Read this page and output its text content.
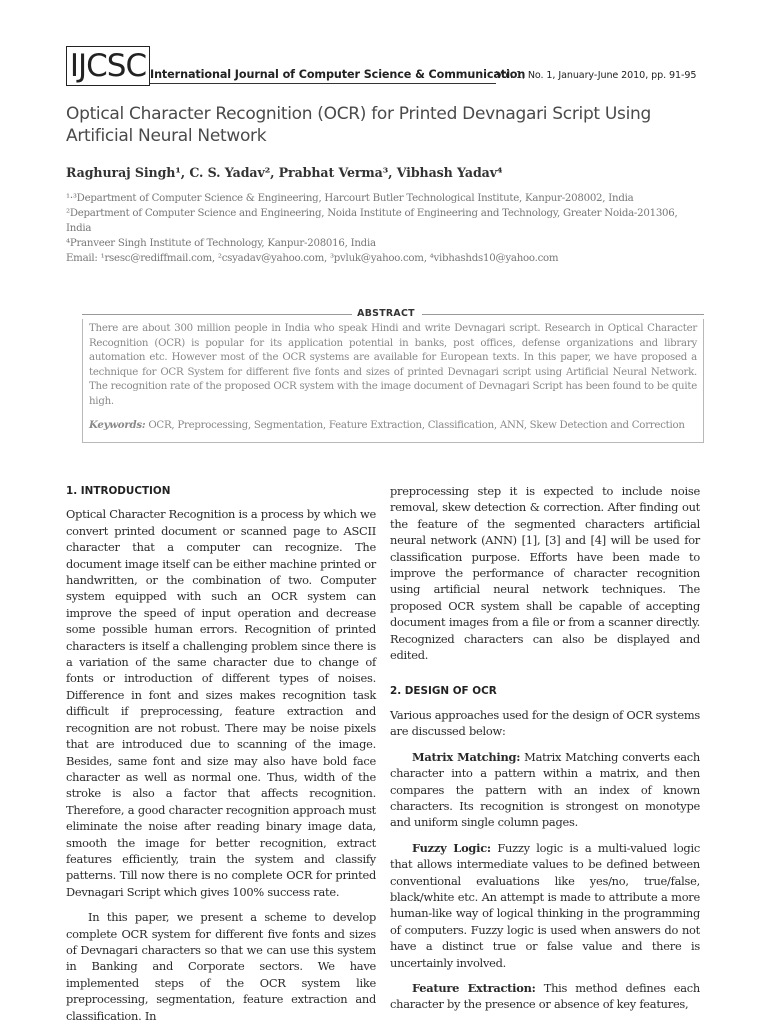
IJCSC International Journal of Computer Science & Communication
Vol. 1, No. 1, January-June 2010, pp. 91-95
Optical Character Recognition (OCR) for Printed Devnagari Script Using Artificial Neural Network
Raghuraj Singh¹, C. S. Yadav², Prabhat Verma³, Vibhash Yadav⁴
¹·³Department of Computer Science & Engineering, Harcourt Butler Technological Institute, Kanpur-208002, India
²Department of Computer Science and Engineering, Noida Institute of Engineering and Technology, Greater Noida-201306,
India
⁴Pranveer Singh Institute of Technology, Kanpur-208016, India
Email: ¹rsesc@rediffmail.com, ²csyadav@yahoo.com, ³pvluk@yahoo.com, ⁴vibhashds10@yahoo.com
ABSTRACT

There are about 300 million people in India who speak Hindi and write Devnagari script. Research in Optical Character Recognition (OCR) is popular for its application potential in banks, post offices, defense organizations and library automation etc. However most of the OCR systems are available for European texts. In this paper, we have proposed a technique for OCR System for different five fonts and sizes of printed Devnagari script using Artificial Neural Network. The recognition rate of the proposed OCR system with the image document of Devnagari Script has been found to be quite high.

Keywords: OCR, Preprocessing, Segmentation, Feature Extraction, Classification, ANN, Skew Detection and Correction

1. INTRODUCTION

Optical Character Recognition is a process by which we convert printed document or scanned page to ASCII character that a computer can recognize. The document image itself can be either machine printed or handwritten, or the combination of two. Computer system equipped with such an OCR system can improve the speed of input operation and decrease some possible human errors. Recognition of printed characters is itself a challenging problem since there is a variation of the same character due to change of fonts or introduction of different types of noises. Difference in font and sizes makes recognition task difficult if preprocessing, feature extraction and recognition are not robust. There may be noise pixels that are introduced due to scanning of the image. Besides, same font and size may also have bold face character as well as normal one. Thus, width of the stroke is also a factor that affects recognition. Therefore, a good character recognition approach must eliminate the noise after reading binary image data, smooth the image for better recognition, extract features efficiently, train the system and classify patterns. Till now there is no complete OCR for printed Devnagari Script which gives 100% success rate.

In this paper, we present a scheme to develop complete OCR system for different five fonts and sizes of Devnagari characters so that we can use this system in Banking and Corporate sectors. We have implemented steps of the OCR system like preprocessing, segmentation, feature extraction and classification. In

preprocessing step it is expected to include noise removal, skew detection & correction. After finding out the feature of the segmented characters artificial neural network (ANN) [1], [3] and [4] will be used for classification purpose. Efforts have been made to improve the performance of character recognition using artificial neural network techniques. The proposed OCR system shall be capable of accepting document images from a file or from a scanner directly. Recognized characters can also be displayed and edited.

2. DESIGN OF OCR

Various approaches used for the design of OCR systems are discussed below:

Matrix Matching: Matrix Matching converts each character into a pattern within a matrix, and then compares the pattern with an index of known characters. Its recognition is strongest on monotype and uniform single column pages.

Fuzzy Logic: Fuzzy logic is a multi-valued logic that allows intermediate values to be defined between conventional evaluations like yes/no, true/false, black/white etc. An attempt is made to attribute a more human-like way of logical thinking in the programming of computers. Fuzzy logic is used when answers do not have a distinct true or false value and there is uncertainly involved.

Feature Extraction: This method defines each character by the presence or absence of key features,
